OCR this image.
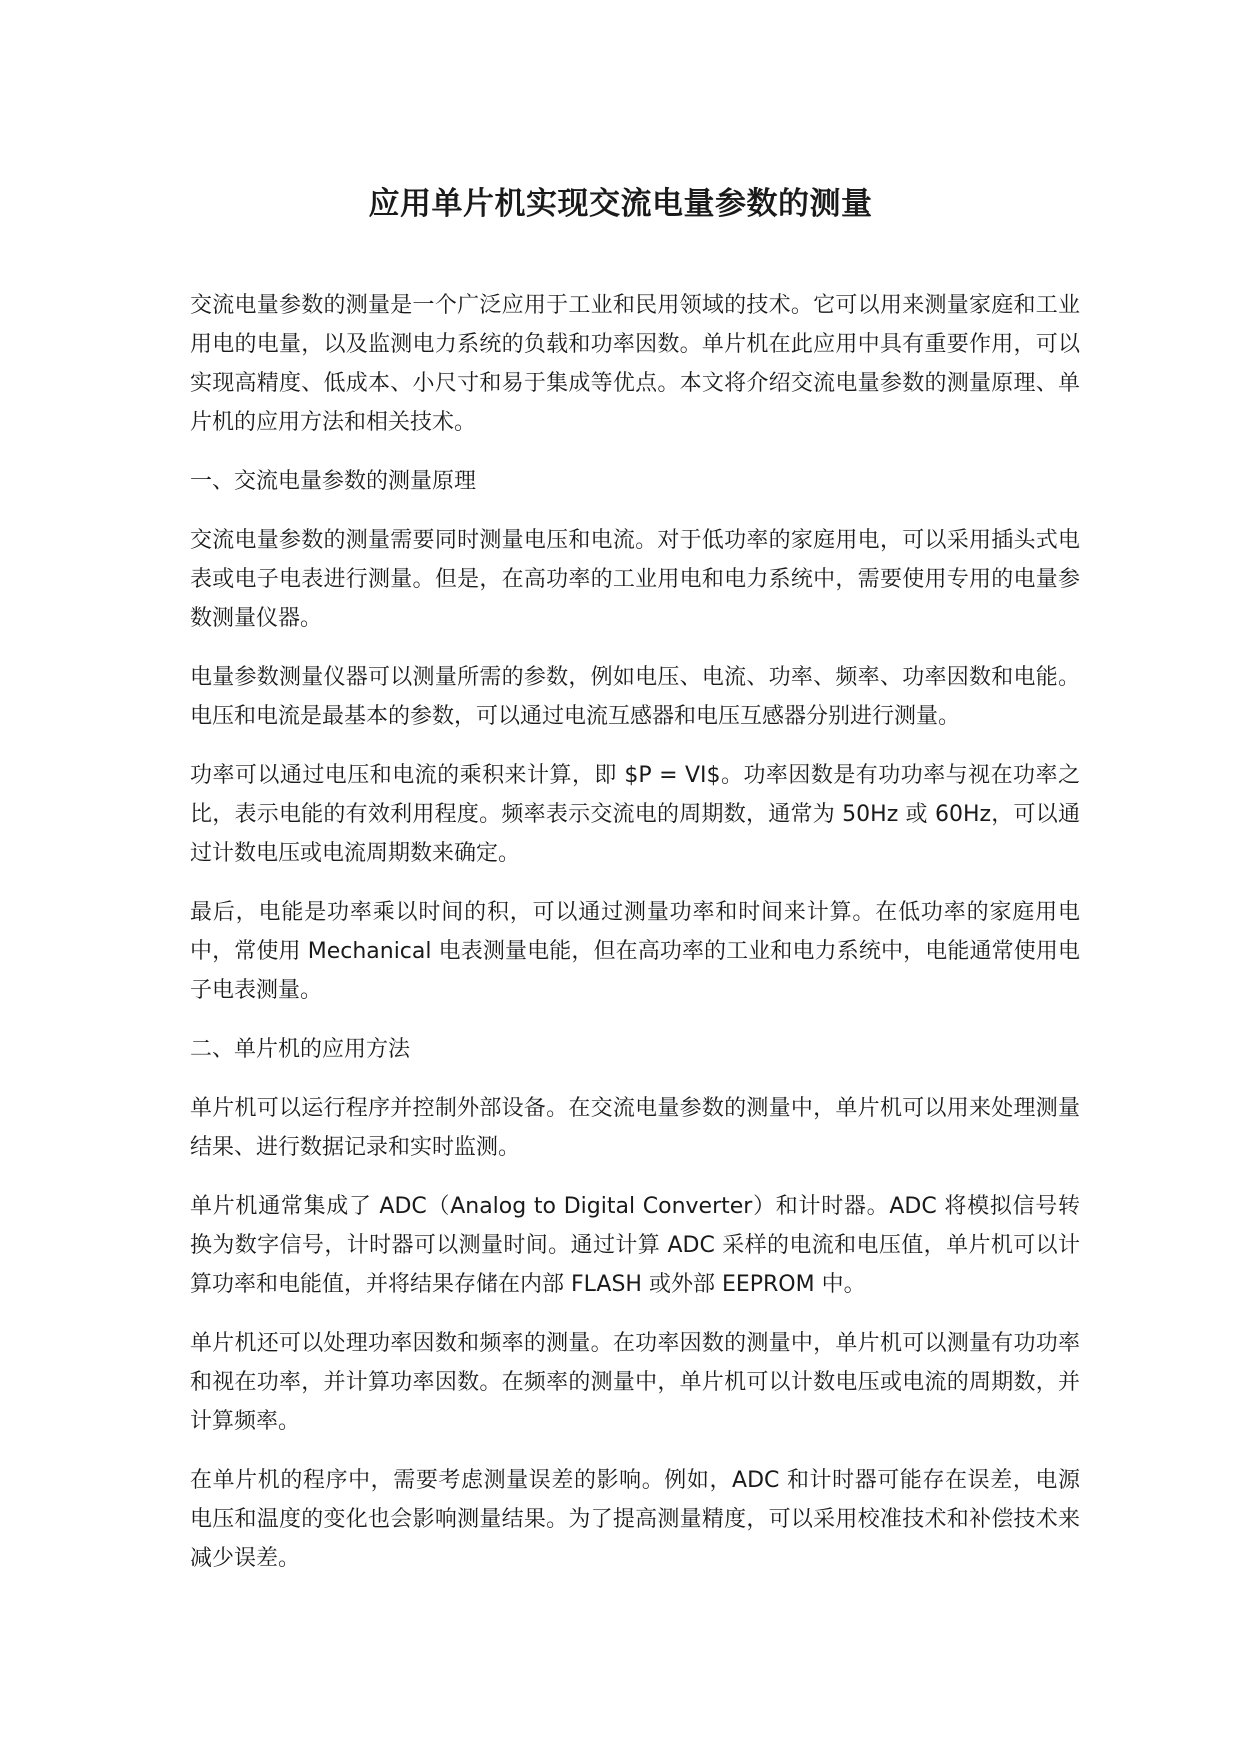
应用单片机实现交流电量参数的测量

交流电量参数的测量是一个广泛应用于工业和民用领域的技术。它可以用来测量家庭和工业用电的电量，以及监测电力系统的负载和功率因数。单片机在此应用中具有重要作用，可以实现高精度、低成本、小尺寸和易于集成等优点。本文将介绍交流电量参数的测量原理、单片机的应用方法和相关技术。

一、交流电量参数的测量原理

交流电量参数的测量需要同时测量电压和电流。对于低功率的家庭用电，可以采用插头式电表或电子电表进行测量。但是，在高功率的工业用电和电力系统中，需要使用专用的电量参数测量仪器。

电量参数测量仪器可以测量所需的参数，例如电压、电流、功率、频率、功率因数和电能。电压和电流是最基本的参数，可以通过电流互感器和电压互感器分别进行测量。

功率可以通过电压和电流的乘积来计算，即 $P = VI$。功率因数是有功功率与视在功率之比，表示电能的有效利用程度。频率表示交流电的周期数，通常为 50Hz 或 60Hz，可以通过计数电压或电流周期数来确定。

最后，电能是功率乘以时间的积，可以通过测量功率和时间来计算。在低功率的家庭用电中，常使用 Mechanical 电表测量电能，但在高功率的工业和电力系统中，电能通常使用电子电表测量。

二、单片机的应用方法

单片机可以运行程序并控制外部设备。在交流电量参数的测量中，单片机可以用来处理测量结果、进行数据记录和实时监测。

单片机通常集成了 ADC（Analog to Digital Converter）和计时器。ADC 将模拟信号转换为数字信号，计时器可以测量时间。通过计算 ADC 采样的电流和电压值，单片机可以计算功率和电能值，并将结果存储在内部 FLASH 或外部 EEPROM 中。

单片机还可以处理功率因数和频率的测量。在功率因数的测量中，单片机可以测量有功功率和视在功率，并计算功率因数。在频率的测量中，单片机可以计数电压或电流的周期数，并计算频率。

在单片机的程序中，需要考虑测量误差的影响。例如，ADC 和计时器可能存在误差，电源电压和温度的变化也会影响测量结果。为了提高测量精度，可以采用校准技术和补偿技术来减少误差。
